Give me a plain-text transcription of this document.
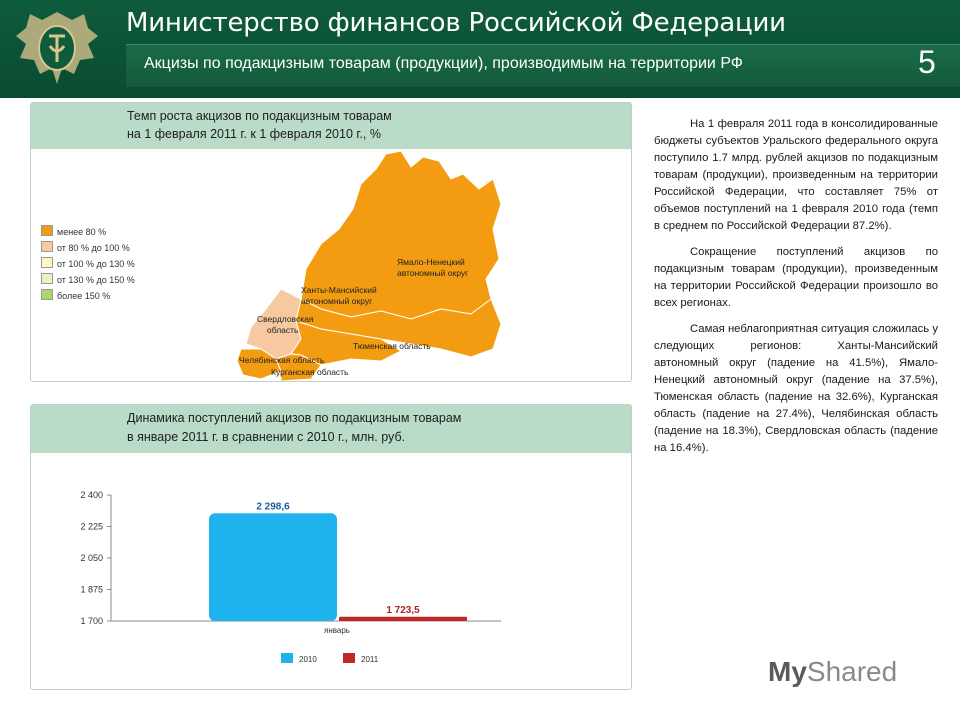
Министерство финансов Российской Федерации
Акцизы по подакцизным товарам (продукции), производимым на территории РФ	5
Темп роста акцизов по подакцизным товарам
на 1 февраля 2011 г. к 1 февраля 2010 г., %
менее 80 %
от 80 % до 100 %
от 100 % до 130 %
от 130 % до 150 %
более 150 %
Ямало-Ненецкий
автономный округ
Ханты-Мансийский
автономный округ
Свердловская
область
Тюменская область
Челябинская область
Курганская область
Динамика поступлений акцизов по подакцизным товарам
в январе 2011 г. в сравнении с 2010 г., млн. руб.
1 700
1 875
2 050
2 225
2 400
2 298,6
1 723,5
январь
2010	2011

На 1 февраля 2011 года в консолидированные бюджеты субъектов Уральского федерального округа поступило 1.7 млрд. рублей акцизов по подакцизным товарам (продукции), произведенным на территории Российской Федерации, что составляет 75% от объемов поступлений на 1 февраля 2010 года (темп в среднем по Российской Федерации 87.2%).

Сокращение поступлений акцизов по подакцизным товарам (продукции), произведенным на территории Российской Федерации произошло во всех регионах.

Самая неблагоприятная ситуация сложилась у следующих регионов: Ханты-Мансийский автономный округ (падение на 41.5%), Ямало-Ненецкий автономный округ (падение на 37.5%), Тюменская область (падение на 32.6%), Курганская область (падение на 27.4%), Челябинская область (падение на 18.3%), Свердловская область (падение на 16.4%).

MyShared
